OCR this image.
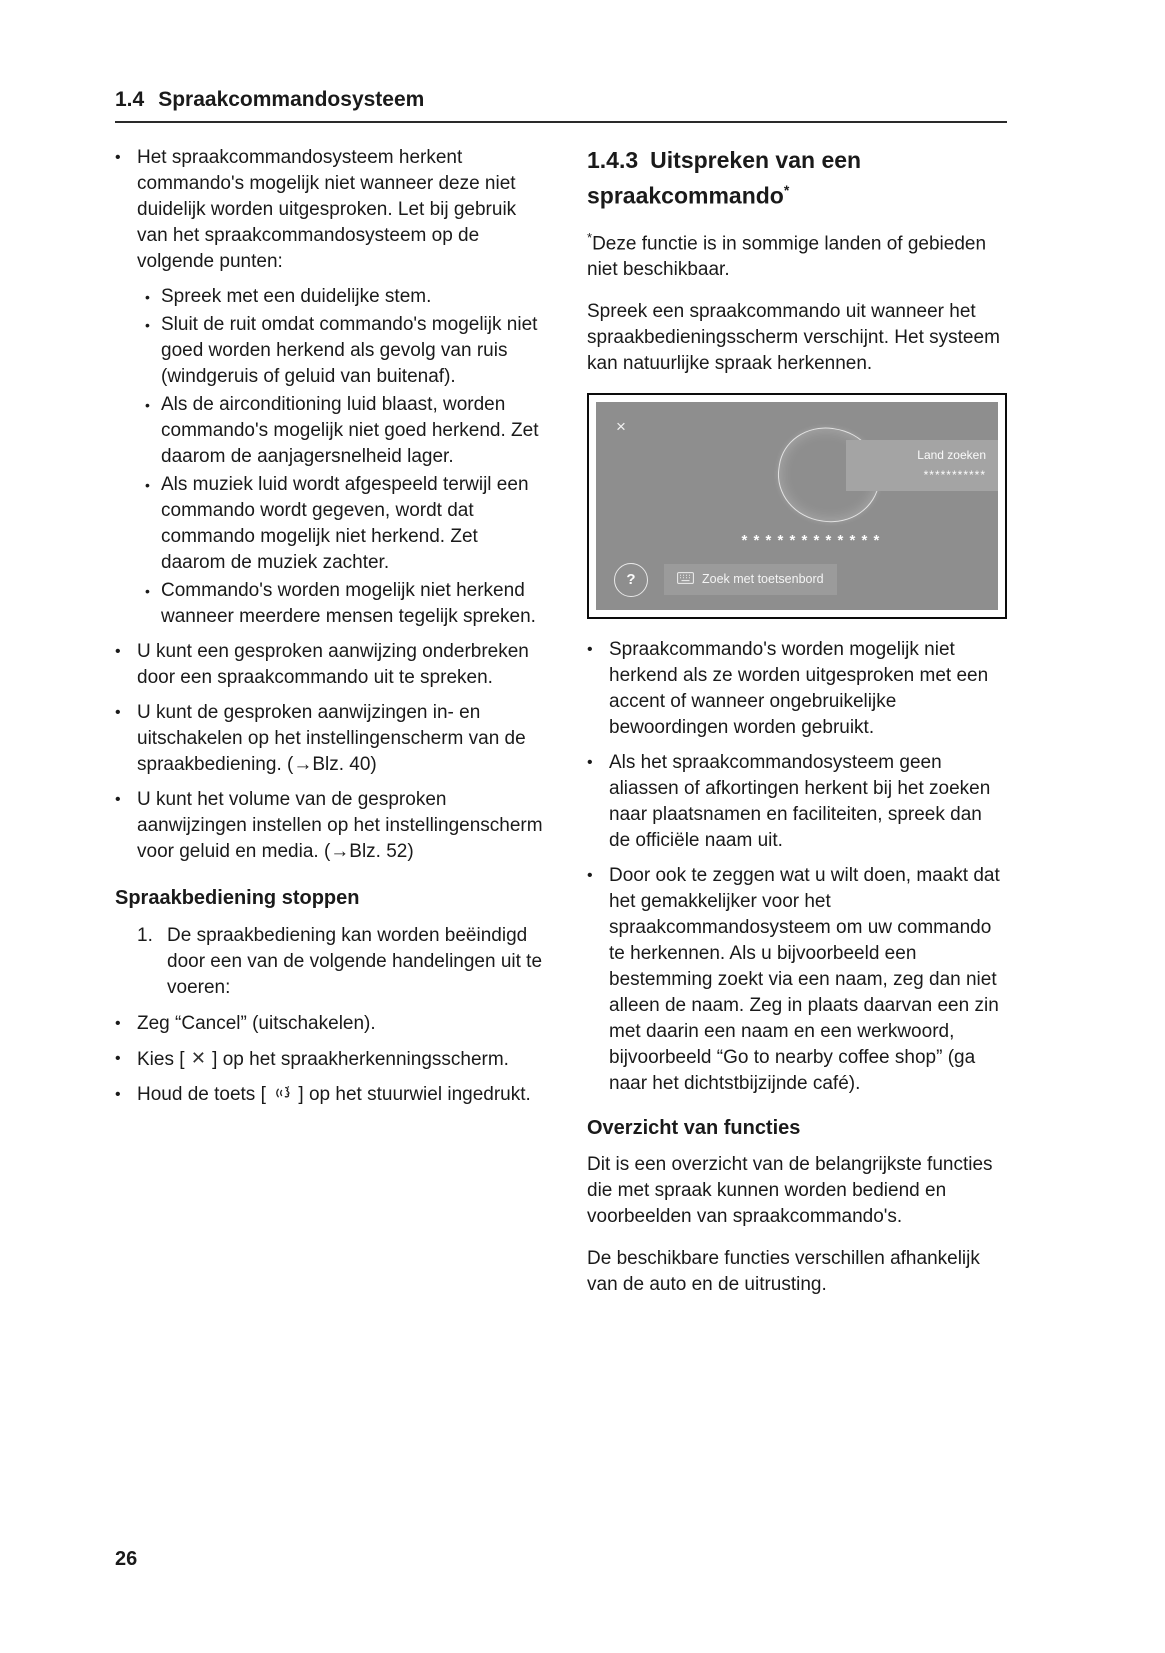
1.4 Spraakcommandosysteem
• Het spraakcommandosysteem herkent commando's mogelijk niet wanneer deze niet duidelijk worden uitgesproken. Let bij gebruik van het spraakcommandosysteem op de volgende punten:
• Spreek met een duidelijke stem.
• Sluit de ruit omdat commando's mogelijk niet goed worden herkend als gevolg van ruis (windgeruis of geluid van buitenaf).
• Als de airconditioning luid blaast, worden commando's mogelijk niet goed herkend. Zet daarom de aanjagersnelheid lager.
• Als muziek luid wordt afgespeeld terwijl een commando wordt gegeven, wordt dat commando mogelijk niet herkend. Zet daarom de muziek zachter.
• Commando's worden mogelijk niet herkend wanneer meerdere mensen tegelijk spreken.
• U kunt een gesproken aanwijzing onderbreken door een spraakcommando uit te spreken.
• U kunt de gesproken aanwijzingen in- en uitschakelen op het instellingenscherm van de spraakbediening. (→Blz. 40)
• U kunt het volume van de gesproken aanwijzingen instellen op het instellingenscherm voor geluid en media. (→Blz. 52)
Spraakbediening stoppen
1. De spraakbediening kan worden beëindigd door een van de volgende handelingen uit te voeren:
• Zeg “Cancel” (uitschakelen).
• Kies [ ✕ ] op het spraakherkenningsscherm.
• Houd de toets [  ] op het stuurwiel ingedrukt.
1.4.3 Uitspreken van een spraakcommando*
*Deze functie is in sommige landen of gebieden niet beschikbaar.
Spreek een spraakcommando uit wanneer het spraakbedieningsscherm verschijnt. Het systeem kan natuurlijke spraak herkennen.
×
Land zoeken
***********
* * * * * * * * * * * *
?	Zoek met toetsenbord
• Spraakcommando's worden mogelijk niet herkend als ze worden uitgesproken met een accent of wanneer ongebruikelijke bewoordingen worden gebruikt.
• Als het spraakcommandosysteem geen aliassen of afkortingen herkent bij het zoeken naar plaatsnamen en faciliteiten, spreek dan de officiële naam uit.
• Door ook te zeggen wat u wilt doen, maakt dat het gemakkelijker voor het spraakcommandosysteem om uw commando te herkennen. Als u bijvoorbeeld een bestemming zoekt via een naam, zeg dan niet alleen de naam. Zeg in plaats daarvan een zin met daarin een naam en een werkwoord, bijvoorbeeld “Go to nearby coffee shop” (ga naar het dichtstbijzijnde café).
Overzicht van functies
Dit is een overzicht van de belangrijkste functies die met spraak kunnen worden bediend en voorbeelden van spraakcommando's.
De beschikbare functies verschillen afhankelijk van de auto en de uitrusting.
26
